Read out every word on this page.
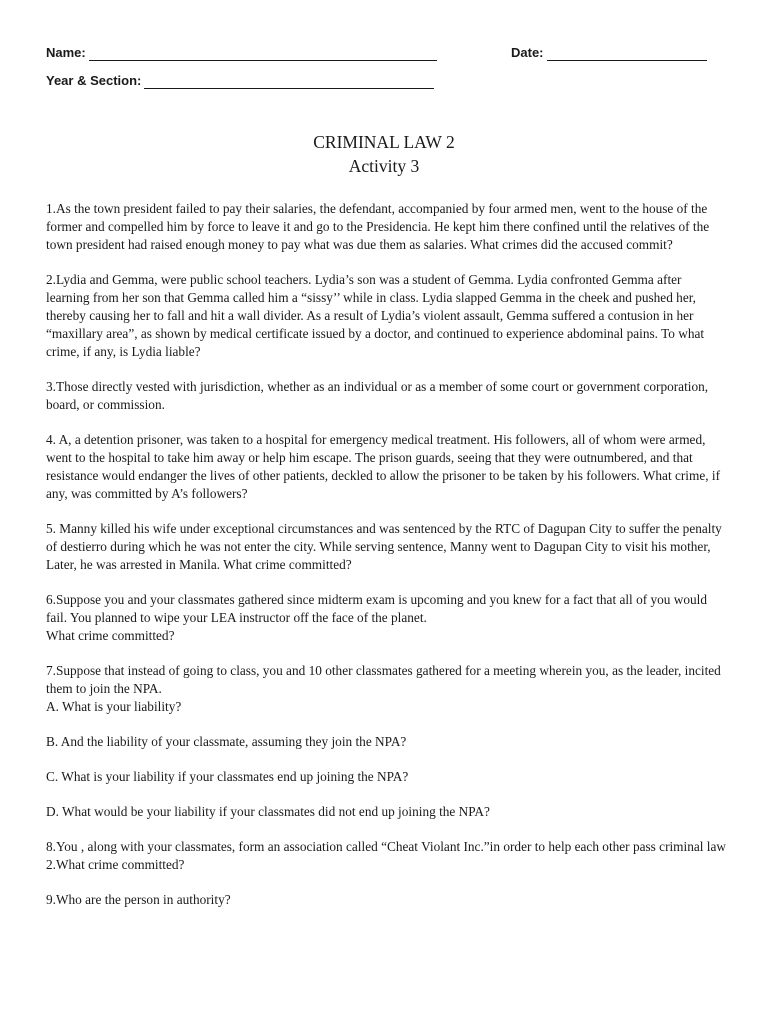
Name:	Date:
Year & Section:
CRIMINAL LAW 2
Activity 3
1.As the town president failed to pay their salaries, the defendant, accompanied by four armed men, went to the house of the former and compelled him by force to leave it and go to the Presidencia. He kept him there confined until the relatives of the town president had raised enough money to pay what was due them as salaries. What crimes did the accused commit?
2.Lydia and Gemma, were public school teachers. Lydia’s son was a student of Gemma. Lydia confronted Gemma after learning from her son that Gemma called him a “sissy’’ while in class. Lydia slapped Gemma in the cheek and pushed her, thereby causing her to fall and hit a wall divider. As a result of Lydia’s violent assault, Gemma suffered a contusion in her “maxillary area”, as shown by medical certificate issued by a doctor, and continued to experience abdominal pains. To what crime, if any, is Lydia liable?
3.Those directly vested with jurisdiction, whether as an individual or as a member of some court or government corporation, board, or commission.
4. A, a detention prisoner, was taken to a hospital for emergency medical treatment. His followers, all of whom were armed, went to the hospital to take him away or help him escape. The prison guards, seeing that they were outnumbered, and that resistance would endanger the lives of other patients, deckled to allow the prisoner to be taken by his followers. What crime, if any, was committed by A’s followers?
5. Manny killed his wife under exceptional circumstances and was sentenced by the RTC of Dagupan City to suffer the penalty of destierro during which he was not enter the city. While serving sentence, Manny went to Dagupan City to visit his mother, Later, he was arrested in Manila. What crime committed?
6.Suppose you and your classmates gathered since midterm exam is upcoming and you knew for a fact that all of you would fail. You planned to wipe your LEA instructor off the face of the planet.
What crime committed?
7.Suppose that instead of going to class, you and 10 other classmates gathered for a meeting wherein you, as the leader, incited them to join the NPA.
A. What is your liability?
B. And the liability of your classmate, assuming they join the NPA?
C. What is your liability if your classmates end up joining the NPA?
D. What would be your liability if your classmates did not end up joining the NPA?
8.You , along with your classmates, form an association called “Cheat Violant Inc.”in order to help each other pass criminal law 2.What crime committed?
9.Who are the person in authority?
